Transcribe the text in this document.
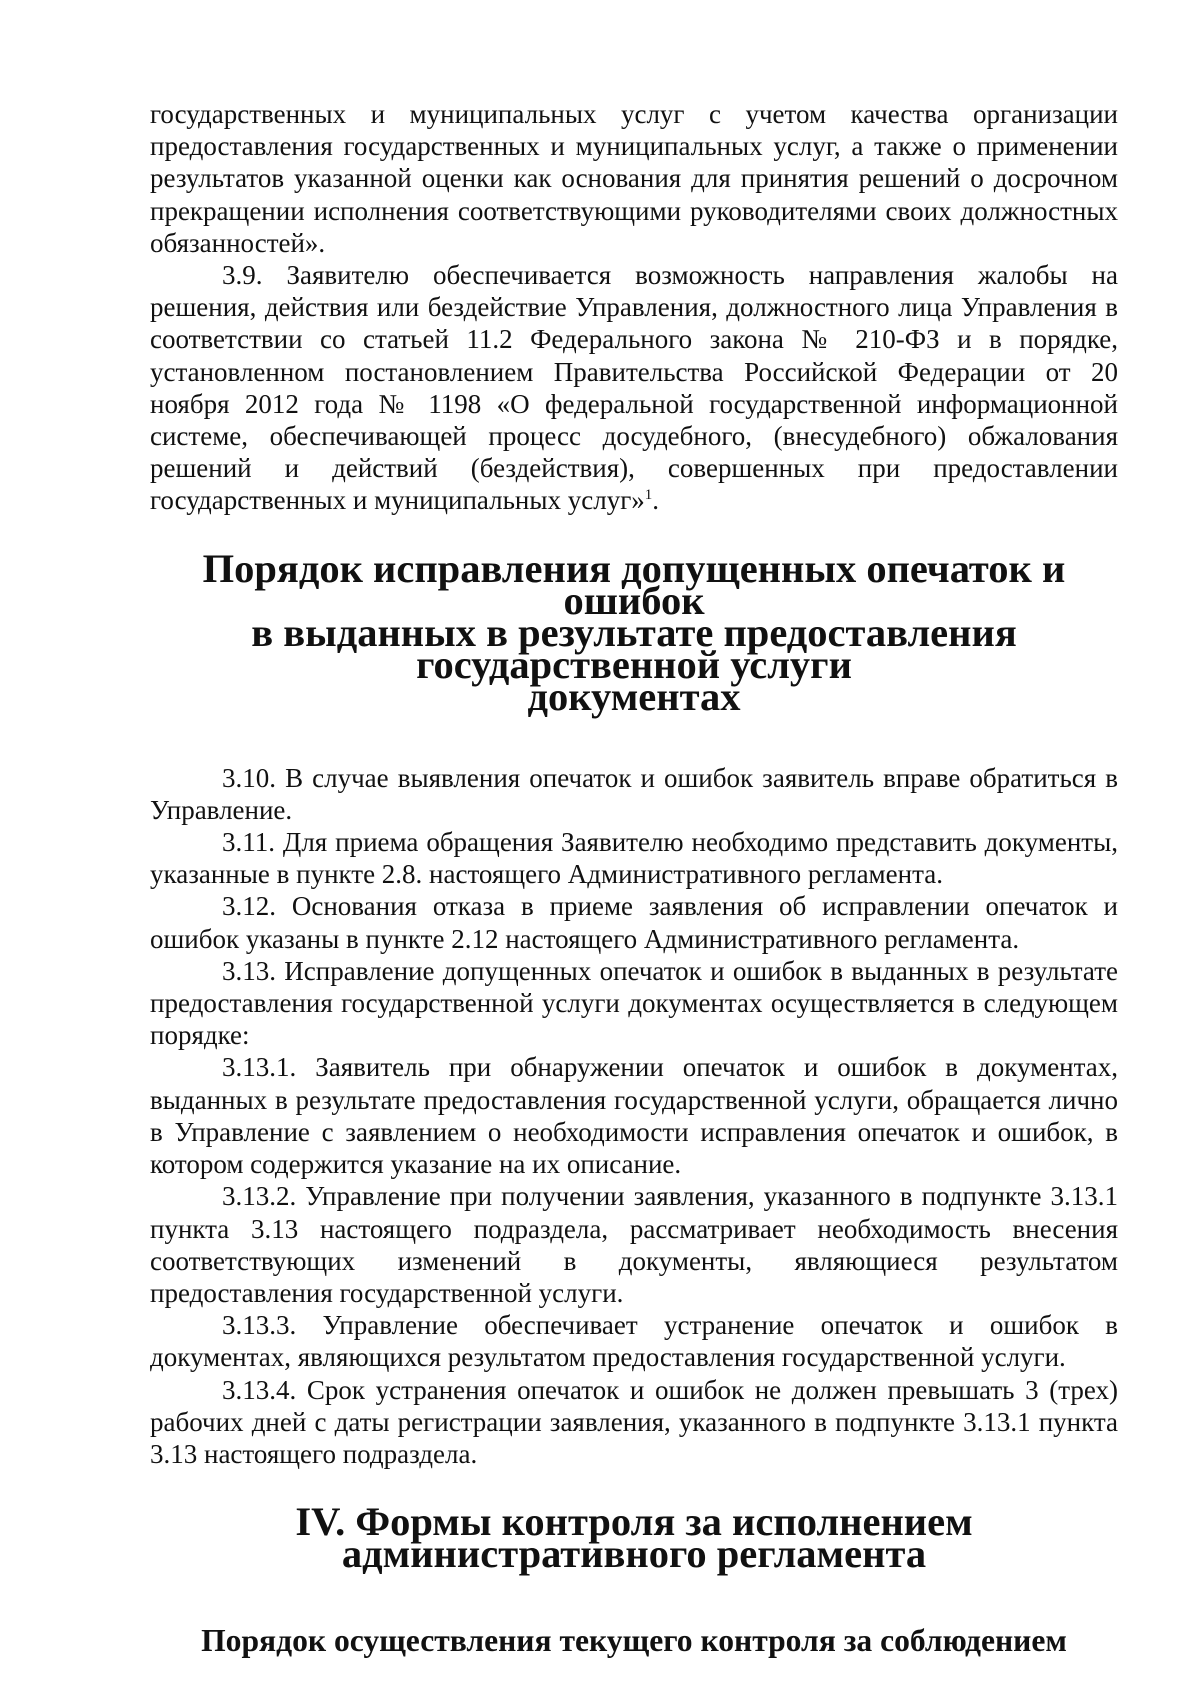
государственных и муниципальных услуг с учетом качества организации предоставления государственных и муниципальных услуг, а также о применении результатов указанной оценки как основания для принятия решений о досрочном прекращении исполнения соответствующими руководителями своих должностных обязанностей».

3.9. Заявителю обеспечивается возможность направления жалобы на решения, действия или бездействие Управления, должностного лица Управления в соответствии со статьей 11.2 Федерального закона № 210-ФЗ и в порядке, установленном постановлением Правительства Российской Федерации от 20 ноября 2012 года № 1198 «О федеральной государственной информационной системе, обеспечивающей процесс досудебного, (внесудебного) обжалования решений и действий (бездействия), совершенных при предоставлении государственных и муниципальных услуг»$^1$.

Порядок исправления допущенных опечаток и ошибок
в выданных в результате предоставления государственной услуги
документах

3.10. В случае выявления опечаток и ошибок заявитель вправе обратиться в Управление.

3.11. Для приема обращения Заявителю необходимо представить документы, указанные в пункте 2.8. настоящего Административного регламента.

3.12. Основания отказа в приеме заявления об исправлении опечаток и ошибок указаны в пункте 2.12 настоящего Административного регламента.

3.13. Исправление допущенных опечаток и ошибок в выданных в результате предоставления государственной услуги документах осуществляется в следующем порядке:

3.13.1. Заявитель при обнаружении опечаток и ошибок в документах, выданных в результате предоставления государственной услуги, обращается лично в Управление с заявлением о необходимости исправления опечаток и ошибок, в котором содержится указание на их описание.

3.13.2. Управление при получении заявления, указанного в подпункте 3.13.1 пункта 3.13 настоящего подраздела, рассматривает необходимость внесения соответствующих изменений в документы, являющиеся результатом предоставления государственной услуги.

3.13.3. Управление обеспечивает устранение опечаток и ошибок в документах, являющихся результатом предоставления государственной услуги.

3.13.4. Срок устранения опечаток и ошибок не должен превышать 3 (трех) рабочих дней с даты регистрации заявления, указанного в подпункте 3.13.1 пункта 3.13 настоящего подраздела.

IV. Формы контроля за исполнением административного регламента
Порядок осуществления текущего контроля за соблюдением
